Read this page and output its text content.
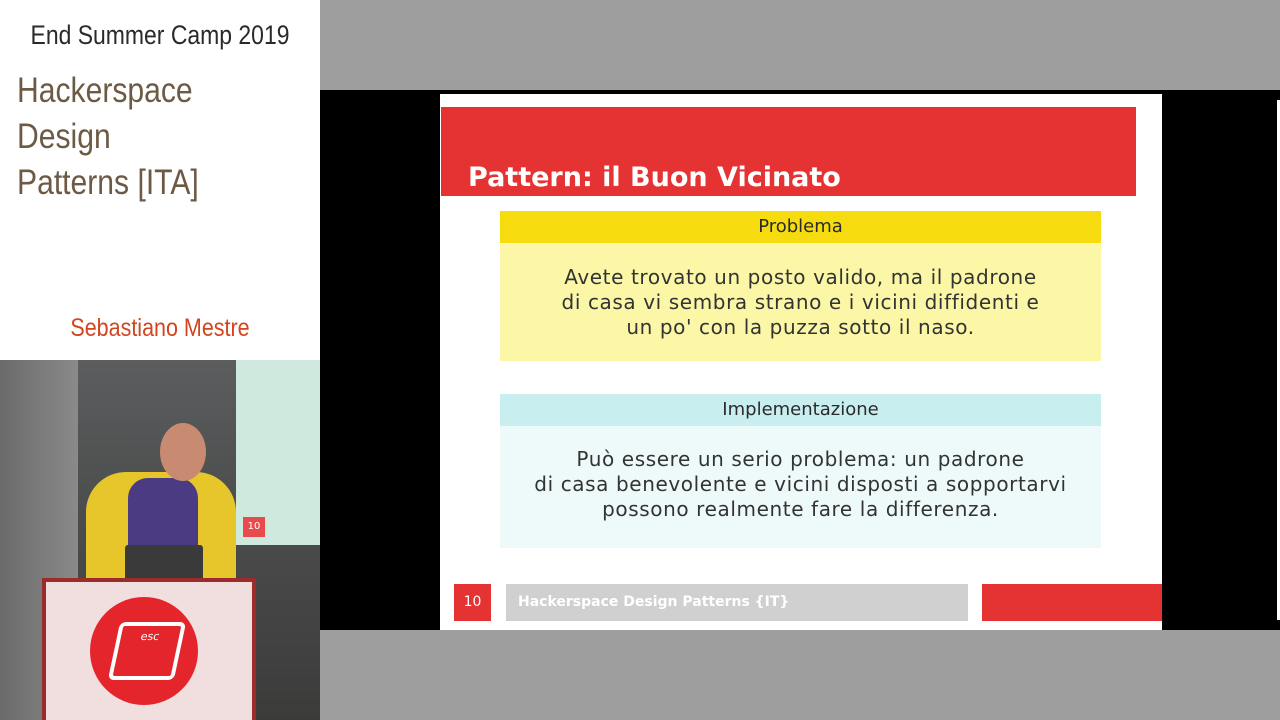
End Summer Camp 2019
Hackerspace Design
Patterns [ITA]
Sebastiano Mestre
10
esc
Pattern: il Buon Vicinato
Problema
Avete trovato un posto valido, ma il padrone
di casa vi sembra strano e i vicini diffidenti e
un po' con la puzza sotto il naso.
Implementazione
Può essere un serio problema: un padrone
di casa benevolente e vicini disposti a sopportarvi
possono realmente fare la differenza.
10	Hackerspace Design Patterns {IT}
